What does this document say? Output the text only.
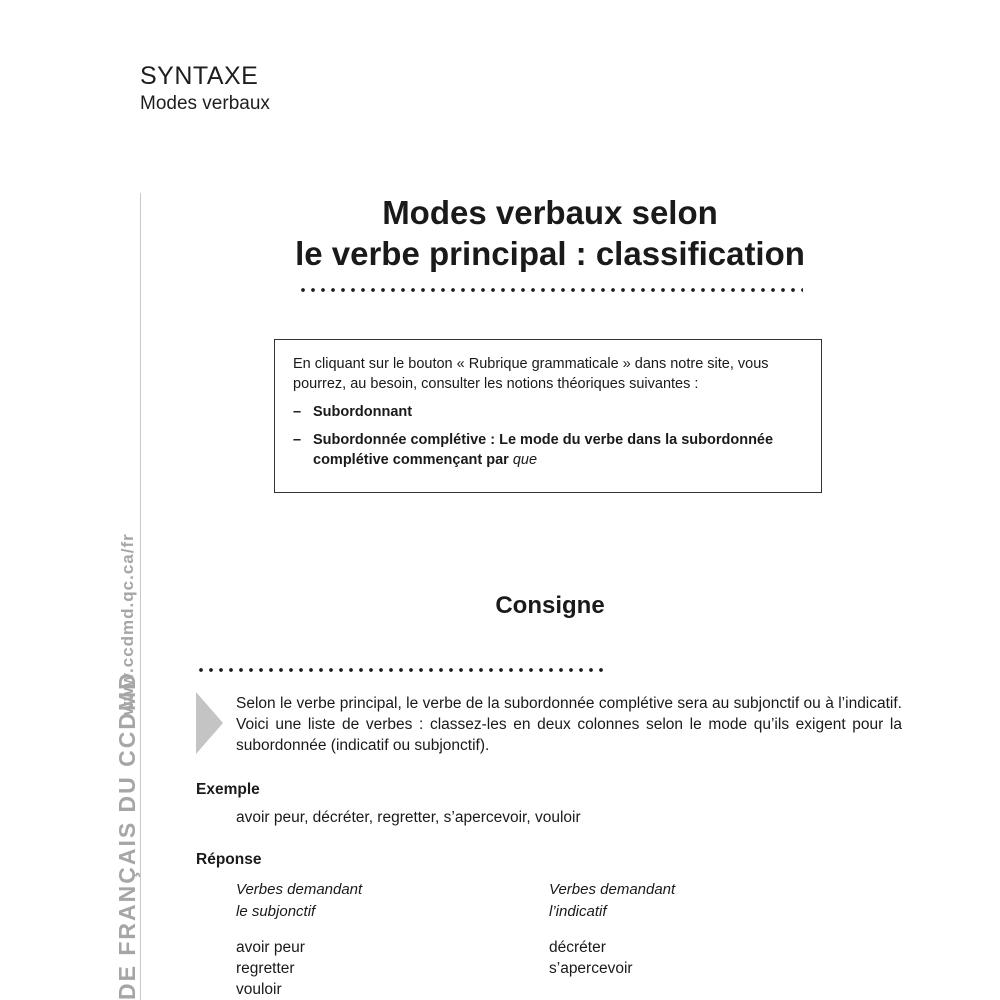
SYNTAXE
Modes verbaux
www.ccdmd.qc.ca/fr
DE FRANÇAIS DU CCDMD
Modes verbaux selon
le verbe principal : classification

En cliquant sur le bouton « Rubrique grammaticale » dans notre site, vous pourrez, au besoin, consulter les notions théoriques suivantes :

– Subordonnant
– Subordonnée complétive : Le mode du verbe dans la subordonnée complétive commençant par que
Consigne
Selon le verbe principal, le verbe de la subordonnée complétive sera au subjonctif ou à l’indicatif. Voici une liste de verbes : classez-les en deux colonnes selon le mode qu’ils exigent pour la subordonnée (indicatif ou subjonctif).
Exemple
avoir peur, décréter, regretter, s’apercevoir, vouloir
Réponse
Verbes demandant
le subjonctif
Verbes demandant
l’indicatif
avoir peur
regretter
vouloir
décréter
s’apercevoir
